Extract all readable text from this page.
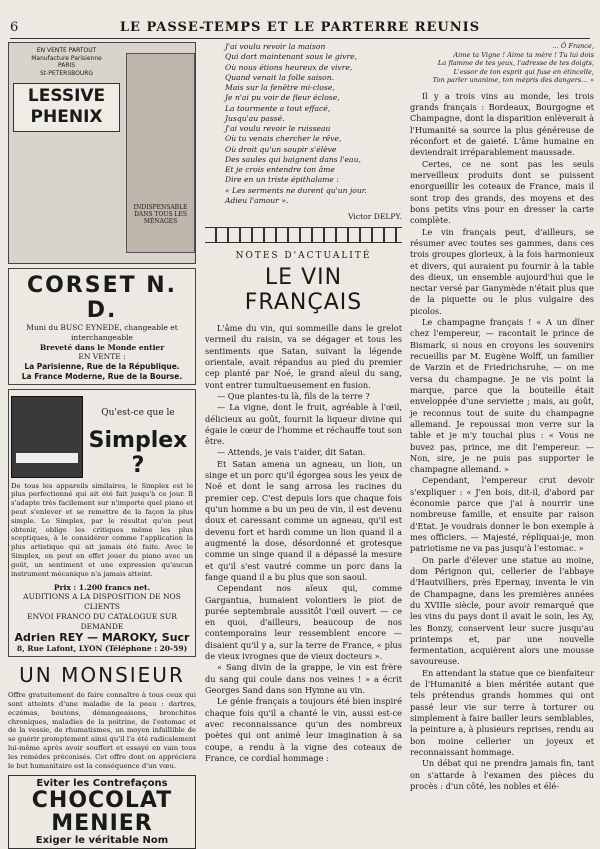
6	LE PASSE-TEMPS ET LE PARTERRE REUNIS
EN VENTE PARTOUT
Manufacture Parisienne
PARIS
St-PETERSBOURG
LESSIVE PHENIX
INDISPENSABLE DANS TOUS LES MÉNAGES
CORSET N. D.
Muni du BUSC EYNEDE, changeable et interchangeable
Breveté dans le Monde entier
EN VENTE :
La Parisienne, Rue de la République.
La France Moderne, Rue de la Bourse.
Qu'est-ce que le
Simplex ?
De tous les appareils similaires, le Simplex est le plus perfectionné qui ait été fait jusqu'à ce jour. Il s'adapte très facilement sur n'importe quel piano et peut s'enlever et se remettre de la façon la plus simple. Le Simplex, par le résultat qu'on peut obtenir, oblige les critiques même les plus sceptiques, à le considérer comme l'application la plus artistique qui ait jamais été faite. Avec le Simplex, on peut en effet jouer du piano avec un goût, un sentiment et une expression qu'aucun instrument mécanique n'a jamais atteint.
Prix : 1.200 francs net.
AUDITIONS A LA DISPOSITION DE NOS CLIENTS
ENVOI FRANCO DU CATALOGUE SUR DEMANDE
Adrien REY — MAROKY, Sucr
8, Rue Lafont, LYON (Téléphone : 20-59)
UN MONSIEUR
Offre gratuitement de faire connaître à tous ceux qui sont atteints d'une maladie de la peau : dartres, eczémas, boutons, démangeaisons, bronchites chroniques, maladies de la poitrine, de l'estomac et de la vessie, de rhumatismes, un moyen infaillible de se guérir promptement ainsi qu'il l'a été radicalement lui-même après avoir souffert et essayé en vain tous les remèdes préconisés. Cet offre dont on appréciera le but humanitaire est la conséquence d'un vœu.
Eviter les Contrefaçons
CHOCOLAT
MENIER
Exiger le véritable Nom
J'ai voulu revoir la maison
Qui dort maintenant sous le givre,
Où nous étions heureux de vivre,
Quand venait la folle saison.
Mais sur la fenêtre mi-close,
Je n'ai pu voir de fleur éclose,
La tourmente a tout effacé,
Jusqu'au passé.
J'ai voulu revoir le ruisseau
Où tu venais chercher le rêve,
Où droit qu'un soupir s'élève
Des saules qui baignent dans l'eau,
Et je crois entendre ton âme
Dire en un triste épithalame :
« Les serments ne durent qu'un jour.
Adieu l'amour ».
Victor DELPY.
NOTES D'ACTUALITÉ
LE VIN FRANÇAIS

L'âme du vin, qui sommeille dans le grelot vermeil du raisin, va se dégager et tous les sentiments que Satan, suivant la légende orientale, avait répandus au pied du premier cep planté par Noé, le grand aïeul du sang, vont entrer tumultueusement en fusion.

— Que plantes-tu là, fils de la terre ?

— La vigne, dont le fruit, agréable à l'œil, délicieux au goût, fournit la liqueur divine qui égaie le cœur de l'homme et réchauffe tout son être.

— Attends, je vais t'aider, dit Satan.

Et Satan amena un agneau, un lion, un singe et un porc qu'il égorgea sous les yeux de Noé et dont le sang arrosa les racines du premier cep. C'est depuis lors que chaque fois qu'un homme a bu un peu de vin, il est devenu doux et caressant comme un agneau, qu'il est devenu fort et hardi comme un lion quand il a augmenté la dose, désordonné et grotesque comme un singe quand il a dépassé la mesure et qu'il s'est vautré comme un porc dans la fange quand il a bu plus que son saoul.

Cependant nos aïeux qui, comme Gargantua, humaient volontiers le piot de purée septembrale aussitôt l'œil ouvert — ce en quoi, d'ailleurs, beaucoup de nos contemporains leur ressemblent encore — disaient qu'il y a, sur la terre de France, « plus de vieux ivrognes que de vieux docteurs ».

« Sang divin de la grappe, le vin est frère du sang qui coule dans nos veines ! » a écrit Georges Sand dans son Hymne au vin.

Le génie français a toujours été bien inspiré chaque fois qu'il a chanté le vin, aussi est-ce avec reconnaissance qu'un des nombreux poètes qui ont animé leur imagination à sa coupe, a rendu à la vigne des coteaux de France, ce cordial hommage :

… Ô France,
Aime ta Vigne ! Aime ta mère ! Tu lui dois
La flamme de tes yeux, l'adresse de tes doigts,
L'essor de ton esprit qui fuse en étincelle,
Ton parler unanime, ton mépris des dangers… »

Il y a trois vins au monde, les trois grands français : Bordeaux, Bourgogne et Champagne, dont la disparition enlèverait à l'Humanité sa source la plus généreuse de réconfort et de gaieté. L'âme humaine en deviendrait irréparablement maussade.

Certes, ce ne sont pas les seuls merveilleux produits dont se puissent enorgueillir les coteaux de France, mais il sont trop des grands, des moyens et des bons petits vins pour en dresser la carte complète.

Le vin français peut, d'ailleurs, se résumer avec toutes ses gammes, dans ces trois groupes glorieux, à la fois harmonieux et divers, qui auraient pu fournir à la table des dieux, un ensemble aujourd'hui que le nectar versé par Ganymède n'était plus que de la piquette ou le plus vulgaire des picolos.

Le champagne français ! « A un dîner chez l'empereur, — racontait le prince de Bismark, si nous en croyons les souvenirs recueillis par M. Eugène Wolff, un familier de Varzin et de Friedrichsruhe, — on me versa du champagne. Je ne vis point la marque, parce que la bouteille était enveloppée d'une serviette ; mais, au goût, je reconnus tout de suite du champagne allemand. Je repoussai mon verre sur la table et je m'y touchai plus : « Vous ne buvez pas, prince, me dit l'empereur. — Non, sire, je ne puis pas supporter le champagne allemand. »

Cependant, l'empereur crut devoir s'expliquer : « J'en bois, dit-il, d'abord par économie parce que j'ai à nourrir une nombreuse famille, et ensuite par raison d'Etat. Je voudrais donner le bon exemple à mes officiers. — Majesté, répliquai-je, mon patriotisme ne va pas jusqu'à l'estomac. »

On parle d'élever une statue au moine, dom Pérignon qui, cellerier de l'abbaye d'Hautvilliers, près Epernay, inventa le vin de Champagne, dans les premières années du XVIIIe siècle, pour avoir remarqué que les vins du pays dont il avait le soin, les Ay, les Bonzy, conservent leur sucre jusqu'au printemps et, par une nouvelle fermentation, acquièrent alors une mousse savoureuse.

En attendant la statue que ce bienfaiteur de l'Humanité a bien méritée autant que tels prétendus grands hommes qui ont passé leur vie sur terre à torturer ou simplement à faire bailler leurs semblables, la peinture a, à plusieurs reprises, rendu au bon moine cellerier un joyeux et reconnaissant hommage.

Un débat qui ne prendra jamais fin, tant on s'attarde à l'examen des pièces du procès : d'un côté, les nobles et élé-
